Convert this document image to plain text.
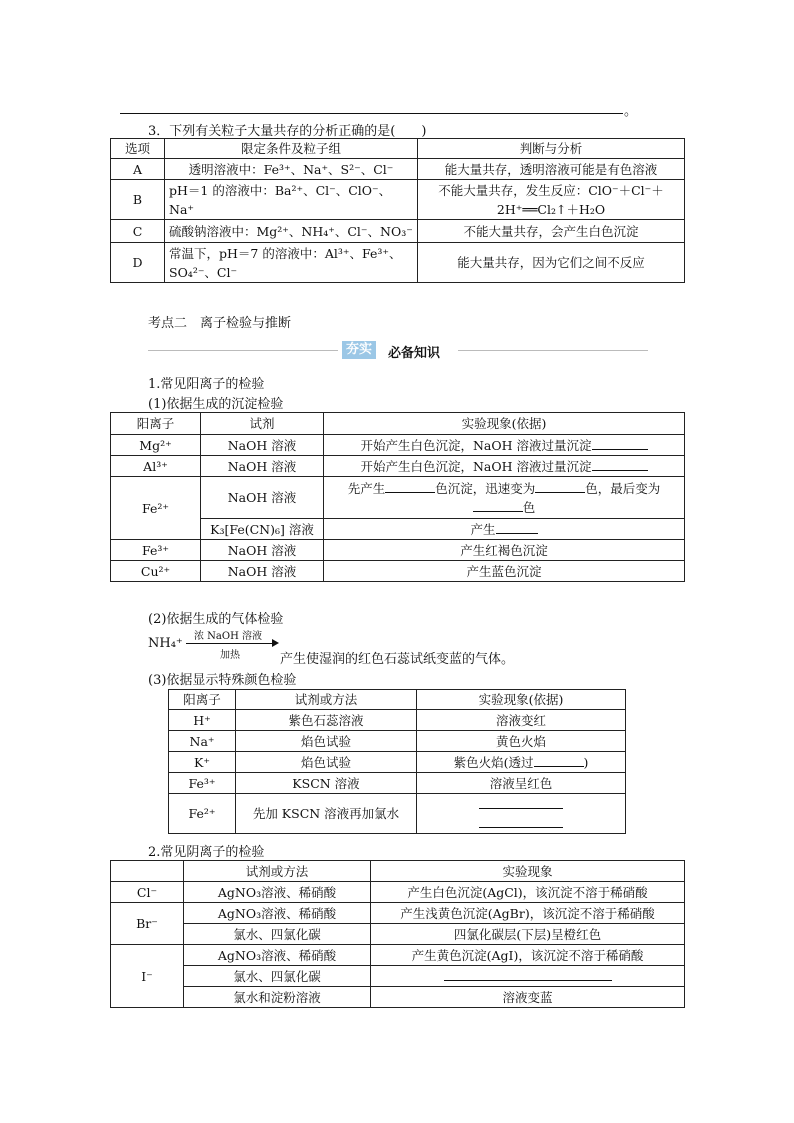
。
3．下列有关粒子大量共存的分析正确的是(　　)
选项	限定条件及粒子组	判断与分析
A	透明溶液中：Fe³⁺、Na⁺、S²⁻、Cl⁻	能大量共存，透明溶液可能是有色溶液
B	pH＝1 的溶液中：Ba²⁺、Cl⁻、ClO⁻、Na⁺	不能大量共存，发生反应：ClO⁻＋Cl⁻＋2H⁺══Cl₂↑＋H₂O
C	硫酸钠溶液中：Mg²⁺、NH₄⁺、Cl⁻、NO₃⁻	不能大量共存，会产生白色沉淀
D	常温下，pH＝7 的溶液中：Al³⁺、Fe³⁺、SO₄²⁻、Cl⁻	能大量共存，因为它们之间不反应
考点二　离子检验与推断
夯实	必备知识
1.常见阳离子的检验
(1)依据生成的沉淀检验
阳离子	试剂	实验现象(依据)
Mg²⁺	NaOH 溶液	开始产生白色沉淀，NaOH 溶液过量沉淀
Al³⁺	NaOH 溶液	开始产生白色沉淀，NaOH 溶液过量沉淀
Fe²⁺	NaOH 溶液	先产生 色沉淀，迅速变为 色，最后变为
色
	K₃[Fe(CN)₆] 溶液	产生
Fe³⁺	NaOH 溶液	产生红褐色沉淀
Cu²⁺	NaOH 溶液	产生蓝色沉淀
(2)依据生成的气体检验
NH₄⁺ 浓 NaOH 溶液
加热	产生使湿润的红色石蕊试纸变蓝的气体。
(3)依据显示特殊颜色检验
阳离子	试剂或方法	实验现象(依据)
H⁺	紫色石蕊溶液	溶液变红
Na⁺	焰色试验	黄色火焰
K⁺	焰色试验	紫色火焰(透过 )
Fe³⁺	KSCN 溶液	溶液呈红色
Fe²⁺	先加 KSCN 溶液再加氯水	

2.常见阴离子的检验
	试剂或方法	实验现象
Cl⁻	AgNO₃溶液、稀硝酸	产生白色沉淀(AgCl)，该沉淀不溶于稀硝酸
Br⁻	AgNO₃溶液、稀硝酸	产生浅黄色沉淀(AgBr)，该沉淀不溶于稀硝酸
	氯水、四氯化碳	四氯化碳层(下层)呈橙红色
I⁻	AgNO₃溶液、稀硝酸	产生黄色沉淀(AgI)，该沉淀不溶于稀硝酸
	氯水、四氯化碳	
	氯水和淀粉溶液	溶液变蓝
